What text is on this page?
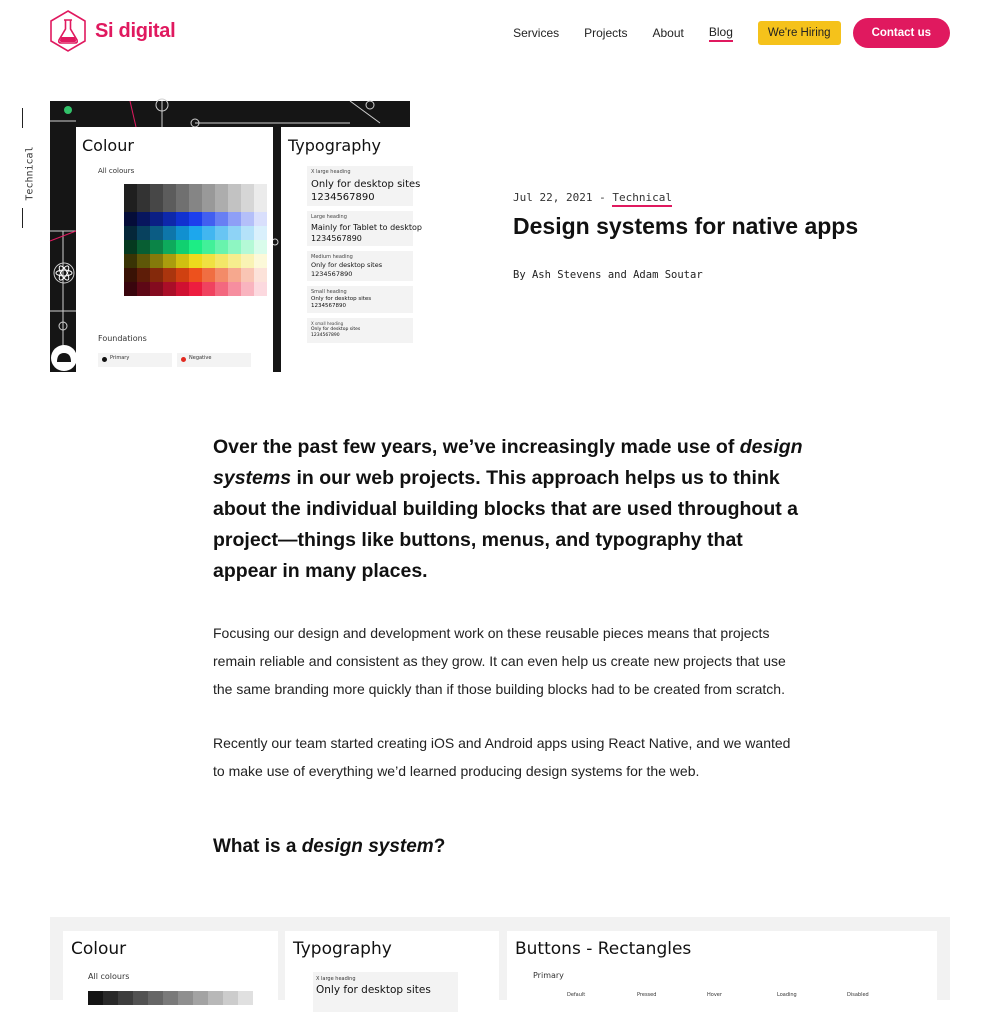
Si digital	Services Projects About Blog	We're Hiring	Contact us
Technical
Colour
All colours
Foundations
Primary	Negative
Typography
X large heading
Only for desktop sites
1234567890
Large heading
Mainly for Tablet to desktop
1234567890
Medium heading
Only for desktop sites
1234567890
Small heading
Only for desktop sites
1234567890
X small heading
Only for desktop sites
1234567890
Jul 22, 2021 - Technical
Design systems for native apps
By Ash Stevens and Adam Soutar
Over the past few years, we’ve increasingly made use of design systems in our web projects. This approach helps us to think about the individual building blocks that are used throughout a project—things like buttons, menus, and typography that appear in many places.
Focusing our design and development work on these reusable pieces means that projects remain reliable and consistent as they grow. It can even help us create new projects that use the same branding more quickly than if those building blocks had to be created from scratch.
Recently our team started creating iOS and Android apps using React Native, and we wanted to make use of everything we’d learned producing design systems for the web.
What is a design system?
Colour
All colours
Typography
X large heading
Only for desktop sites
Buttons - Rectangles
Primary
Default	Pressed	Hover	Loading	Disabled
